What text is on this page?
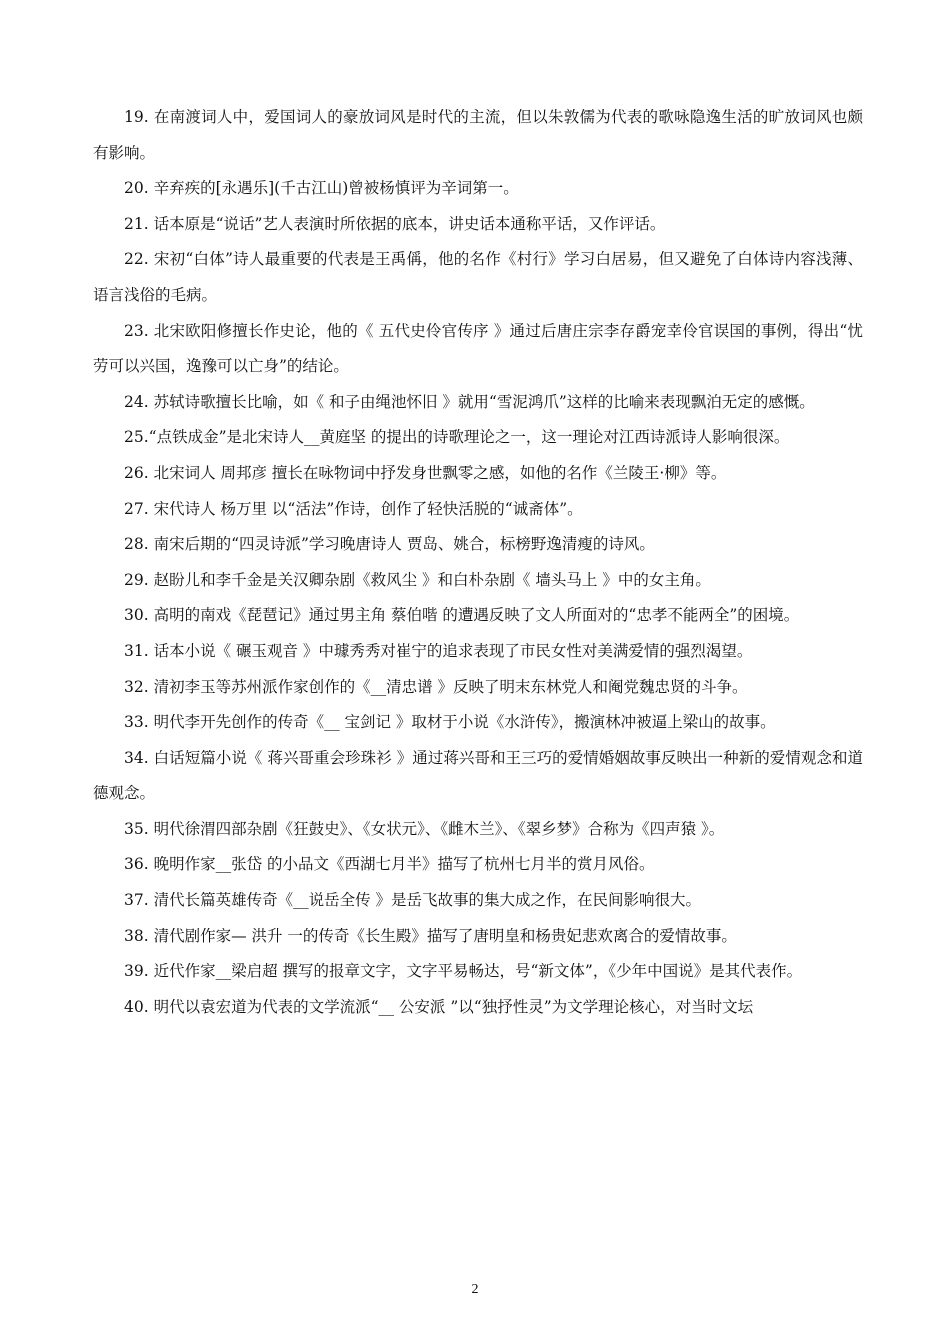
19. 在南渡词人中，爱国词人的豪放词风是时代的主流，但以朱敦儒为代表的歌咏隐逸生活的旷放词风也颇有影响。

20. 辛弃疾的[永遇乐](千古江山)曾被杨慎评为辛词第一。

21. 话本原是“说话”艺人表演时所依据的底本，讲史话本通称平话，又作评话。

22. 宋初“白体”诗人最重要的代表是王禹偁，他的名作《村行》学习白居易，但又避免了白体诗内容浅薄、语言浅俗的毛病。

23. 北宋欧阳修擅长作史论，他的《 五代史伶官传序 》通过后唐庄宗李存爵宠幸伶官误国的事例，得出“忧劳可以兴国，逸豫可以亡身”的结论。

24. 苏轼诗歌擅长比喻，如《 和子由绳池怀旧 》就用“雪泥鸿爪”这样的比喻来表现飘泊无定的感慨。

25.“点铁成金”是北宋诗人__黄庭坚 的提出的诗歌理论之一，这一理论对江西诗派诗人影响很深。

26. 北宋词人 周邦彦 擅长在咏物词中抒发身世飘零之感，如他的名作《兰陵王·柳》等。

27. 宋代诗人 杨万里 以“活法”作诗，创作了轻快活脱的“诚斋体”。

28. 南宋后期的“四灵诗派”学习晚唐诗人 贾岛、姚合，标榜野逸清瘦的诗风。

29. 赵盼儿和李千金是关汉卿杂剧《救风尘 》和白朴杂剧《 墙头马上 》中的女主角。

30. 高明的南戏《琵琶记》通过男主角 蔡伯喈 的遭遇反映了文人所面对的“忠孝不能两全”的困境。

31. 话本小说《 碾玉观音 》中璩秀秀对崔宁的追求表现了市民女性对美满爱情的强烈渴望。

32. 清初李玉等苏州派作家创作的《__清忠谱 》反映了明末东林党人和阉党魏忠贤的斗争。

33. 明代李开先创作的传奇《__ 宝剑记 》取材于小说《水浒传》，搬演林冲被逼上梁山的故事。

34. 白话短篇小说《 蒋兴哥重会珍珠衫 》通过蒋兴哥和王三巧的爱情婚姻故事反映出一种新的爱情观念和道德观念。

35. 明代徐渭四部杂剧《狂鼓史》、《女状元》、《雌木兰》、《翠乡梦》合称为《四声猿 》。

36. 晚明作家__张岱 的小品文《西湖七月半》描写了杭州七月半的赏月风俗。

37. 清代长篇英雄传奇《__说岳全传 》是岳飞故事的集大成之作，在民间影响很大。

38. 清代剧作家— 洪升 一的传奇《长生殿》描写了唐明皇和杨贵妃悲欢离合的爱情故事。

39. 近代作家__梁启超 撰写的报章文字，文字平易畅达，号“新文体”，《少年中国说》是其代表作。

40. 明代以袁宏道为代表的文学流派“__ 公安派 ”以“独抒性灵”为文学理论核心，对当时文坛

2
